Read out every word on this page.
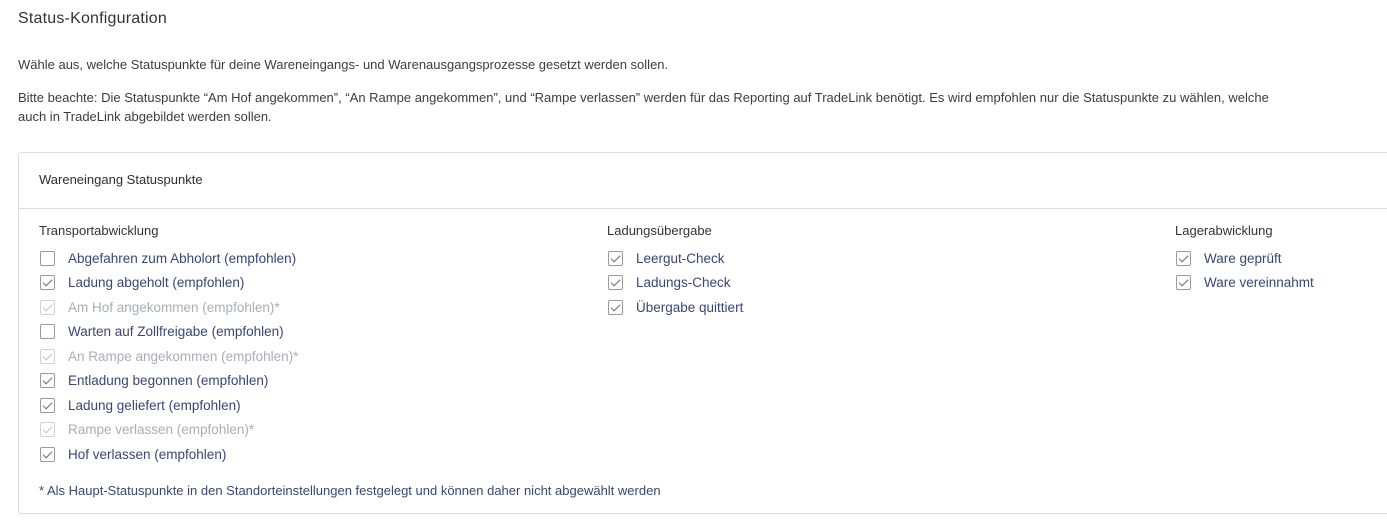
Status-Konfiguration

Wähle aus, welche Statuspunkte für deine Wareneingangs- und Warenausgangsprozesse gesetzt werden sollen.

Bitte beachte: Die Statuspunkte “Am Hof angekommen”, “An Rampe angekommen”, und “Rampe verlassen” werden für das Reporting auf TradeLink benötigt. Es wird empfohlen nur die Statuspunkte zu wählen, welche
auch in TradeLink abgebildet werden sollen.

Wareneingang Statuspunkte
Transportabwicklung
Abgefahren zum Abholort (empfohlen)
Ladung abgeholt (empfohlen)
Am Hof angekommen (empfohlen)*
Warten auf Zollfreigabe (empfohlen)
An Rampe angekommen (empfohlen)*
Entladung begonnen (empfohlen)
Ladung geliefert (empfohlen)
Rampe verlassen (empfohlen)*
Hof verlassen (empfohlen)
Ladungsübergabe
Leergut-Check
Ladungs-Check
Übergabe quittiert
Lagerabwicklung
Ware geprüft
Ware vereinnahmt

* Als Haupt-Statuspunkte in den Standorteinstellungen festgelegt und können daher nicht abgewählt werden
